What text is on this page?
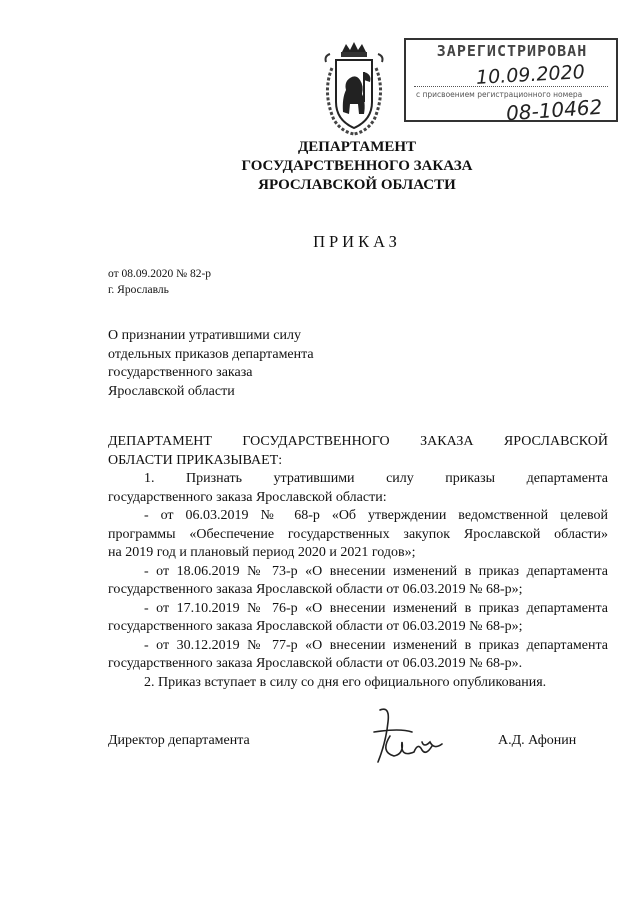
ЗАРЕГИСТРИРОВАН
10.09.2020
с присвоением регистрационного номера
08-10462
ДЕПАРТАМЕНТ
ГОСУДАРСТВЕННОГО ЗАКАЗА
ЯРОСЛАВСКОЙ ОБЛАСТИ
ПРИКАЗ
от 08.09.2020 № 82-р
г. Ярославль
О признании утратившими силу
отдельных приказов департамента
государственного заказа
Ярославской области
ДЕПАРТАМЕНТ ГОСУДАРСТВЕННОГО ЗАКАЗА ЯРОСЛАВСКОЙ
ОБЛАСТИ ПРИКАЗЫВАЕТ:
1. Признать утратившими силу приказы департамента
государственного заказа Ярославской области:
- от 06.03.2019 № 68-р «Об утверждении ведомственной целевой
программы «Обеспечение государственных закупок Ярославской области»
на 2019 год и плановый период 2020 и 2021 годов»;
- от 18.06.2019 № 73-р «О внесении изменений в приказ департамента
государственного заказа Ярославской области от 06.03.2019 № 68-р»;
- от 17.10.2019 № 76-р «О внесении изменений в приказ департамента
государственного заказа Ярославской области от 06.03.2019 № 68-р»;
- от 30.12.2019 № 77-р «О внесении изменений в приказ департамента
государственного заказа Ярославской области от 06.03.2019 № 68-р».
2. Приказ вступает в силу со дня его официального опубликования.
Директор департамента	А.Д. Афонин
